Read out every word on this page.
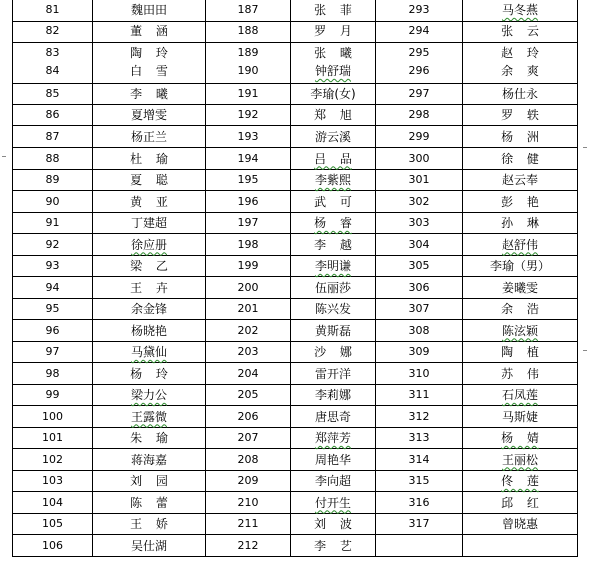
81	魏田田	187	张 菲	293	马冬燕
82	董 涵	188	罗 月	294	张 云
83	陶 玲	189	张 曦	295	赵 玲
84	白 雪	190	钟舒瑞	296	余 爽
85	李 曦	191	李瑜(女)	297	杨仕永
86	夏增雯	192	郑 旭	298	罗 轶
87	杨正兰	193	游云溪	299	杨 洲
88	杜 瑜	194	吕 品	300	徐 健
89	夏 聪	195	李紫熙	301	赵云奉
90	黄 亚	196	武 可	302	彭 艳
91	丁建超	197	杨 睿	303	孙 琳
92	徐应册	198	李 越	304	赵舒伟
93	梁 乙	199	李明谦	305	李瑜（男）
94	王 卉	200	伍丽莎	306	姜曦雯
95	余金锋	201	陈兴发	307	余 浩
96	杨晓艳	202	黄斯磊	308	陈泫颖
97	马黛仙	203	沙 娜	309	陶 植
98	杨 玲	204	雷开洋	310	苏 伟
99	梁力公	205	李莉娜	311	石凤莲
100	王露微	206	唐思奇	312	马斯婕
101	朱 瑜	207	郑萍芳	313	杨 婧
102	蒋海嘉	208	周艳华	314	王丽松
103	刘 园	209	李向超	315	佟 莲
104	陈 蕾	210	付开生	316	邱 红
105	王 娇	211	刘 波	317	曾晓惠
106	吴仕湖	212	李 艺
